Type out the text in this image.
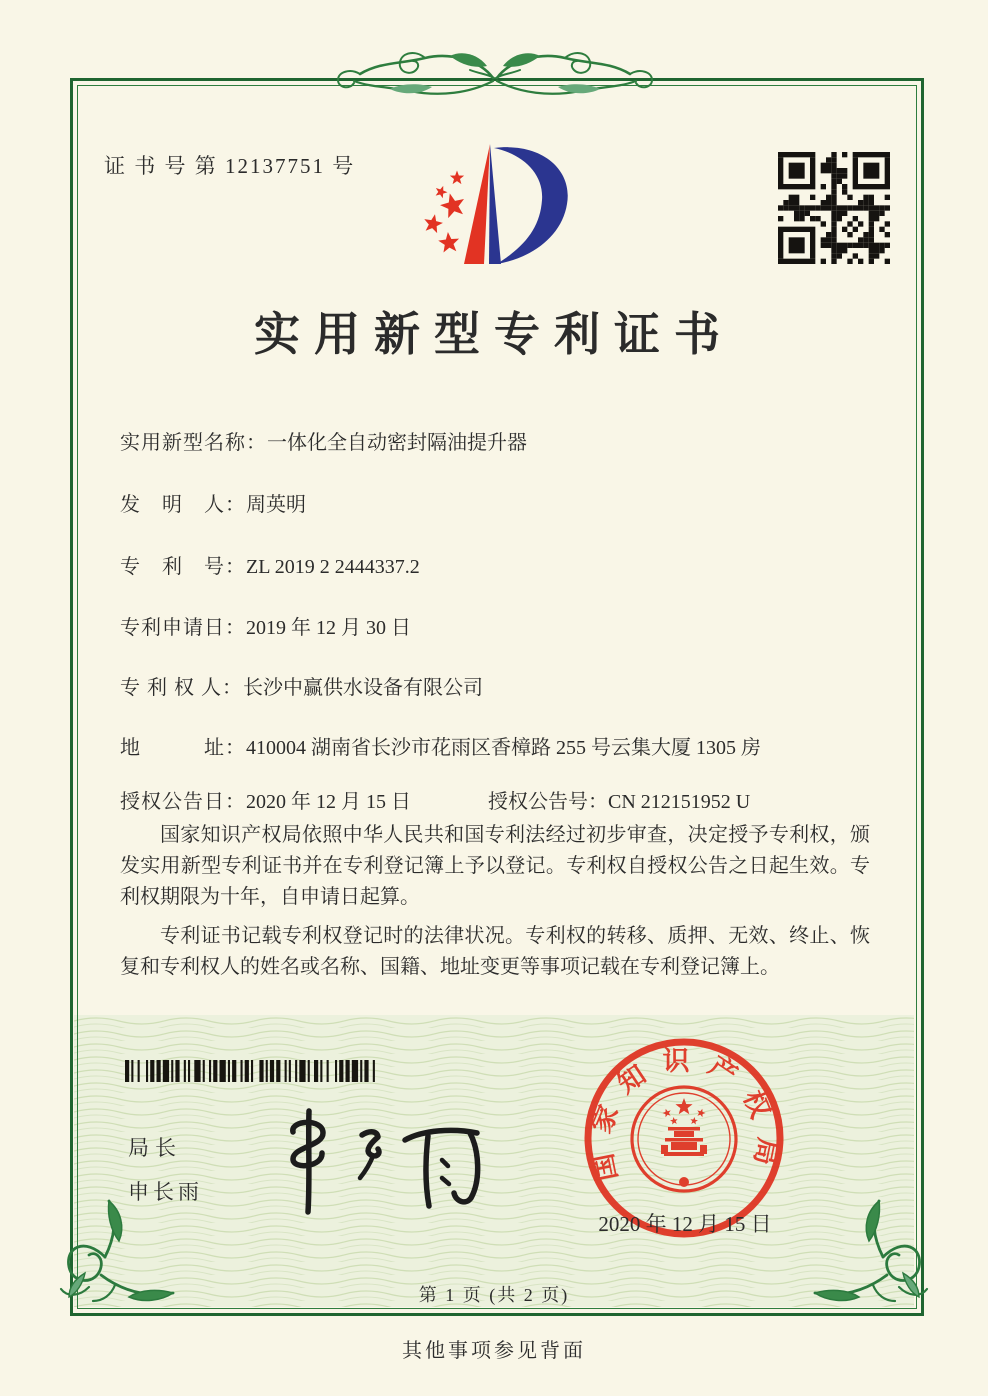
证 书 号 第 12137751 号
实用新型专利证书
实用新型名称：一体化全自动密封隔油提升器
发　明　人：周英明
专　利　号：ZL 2019 2 2444337.2
专利申请日：2019 年 12 月 30 日
专 利 权 人：长沙中赢供水设备有限公司
地　　　址：410004 湖南省长沙市花雨区香樟路 255 号云集大厦 1305 房
授权公告日：2020 年 12 月 15 日	授权公告号：CN 212151952 U

国家知识产权局依照中华人民共和国专利法经过初步审查，决定授予专利权，颁发实用新型专利证书并在专利登记簿上予以登记。专利权自授权公告之日起生效。专利权期限为十年，自申请日起算。

专利证书记载专利权登记时的法律状况。专利权的转移、质押、无效、终止、恢复和专利权人的姓名或名称、国籍、地址变更等事项记载在专利登记簿上。

局长
申长雨
国家知识产权局
2020 年 12 月 15 日
第 1 页 (共 2 页)
其他事项参见背面
